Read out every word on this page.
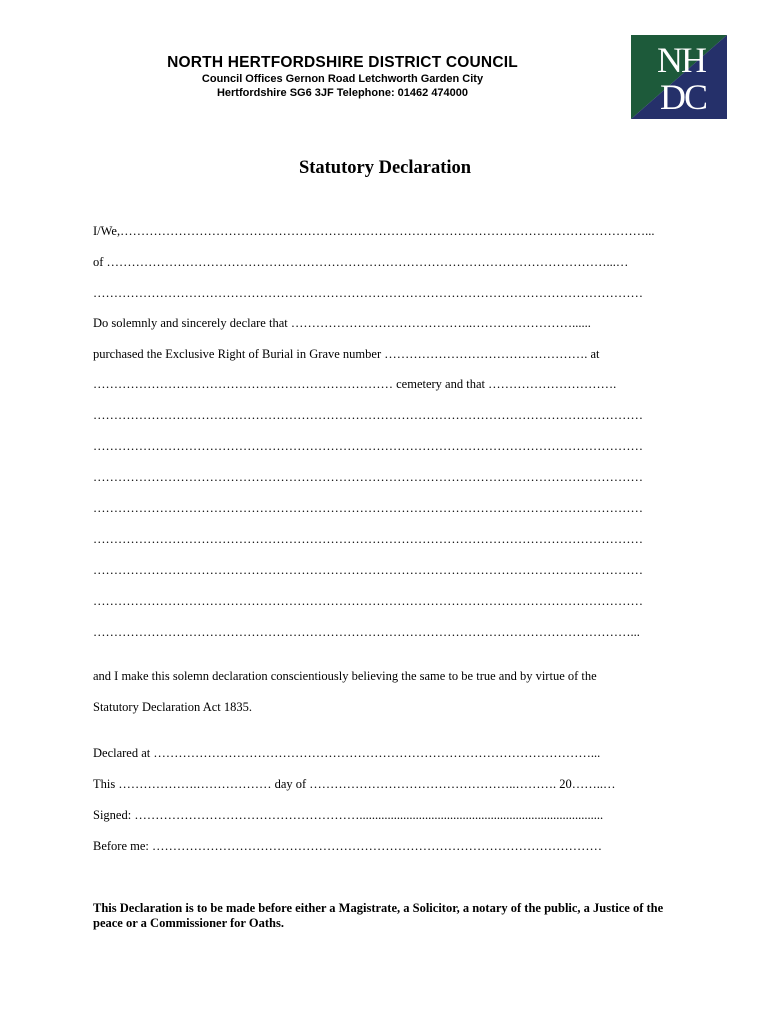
NORTH HERTFORDSHIRE DISTRICT COUNCIL
Council Offices Gernon Road Letchworth Garden City
Hertfordshire SG6 3JF Telephone: 01462 474000
NH
DC
Statutory Declaration
I/We,………………………………………………………………………………………………………………...
of …………………………………………………………………………………………………………...…
……………………………………………………………………………………………………………………
Do solemnly and sincerely declare that ……………………………………..……………………......
purchased the Exclusive Right of Burial in Grave number …………………………………………. at
……………………………………………………………… cemetery and that ………………………….
……………………………………………………………………………………………………………………
……………………………………………………………………………………………………………………
……………………………………………………………………………………………………………………
……………………………………………………………………………………………………………………
……………………………………………………………………………………………………………………
……………………………………………………………………………………………………………………
……………………………………………………………………………………………………………………
…………………………………………………………………………………………………………………...
and I make this solemn declaration conscientiously believing the same to be true and by virtue of the
Statutory Declaration Act 1835.
Declared at ……………………………………………………………………………………………...
This ……………….……………… day of …………………………………………..………. 20……..…
Signed: ………………………………………………..............................................................................
Before me: ………………………………………………………………………………………………
This Declaration is to be made before either a Magistrate, a Solicitor, a notary of the public, a Justice of the peace or a Commissioner for Oaths.
